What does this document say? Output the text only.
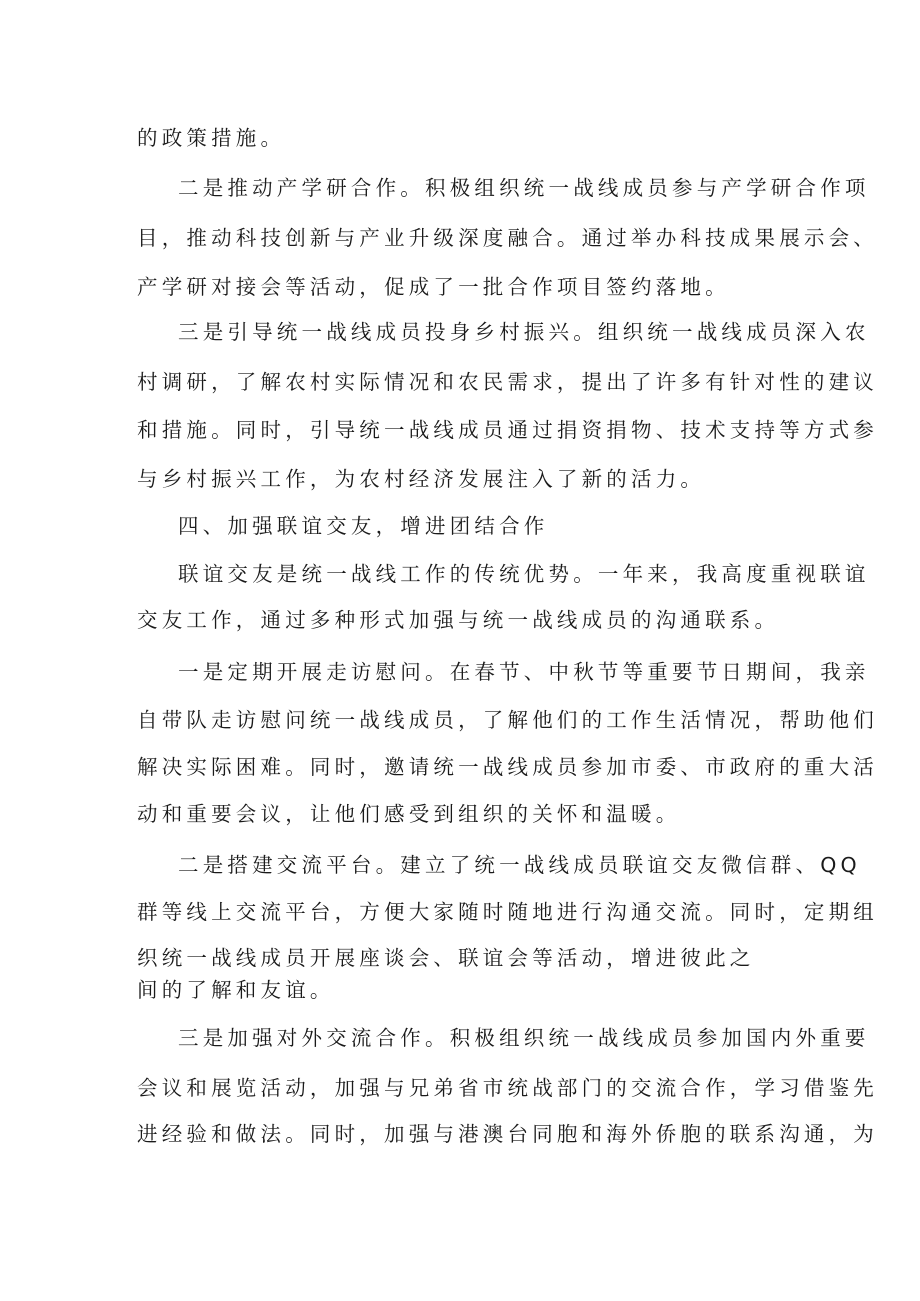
的政策措施。
二是推动产学研合作。积极组织统一战线成员参与产学研合作项
目，推动科技创新与产业升级深度融合。通过举办科技成果展示会、
产学研对接会等活动，促成了一批合作项目签约落地。
三是引导统一战线成员投身乡村振兴。组织统一战线成员深入农
村调研，了解农村实际情况和农民需求，提出了许多有针对性的建议
和措施。同时，引导统一战线成员通过捐资捐物、技术支持等方式参
与乡村振兴工作，为农村经济发展注入了新的活力。
四、加强联谊交友，增进团结合作
联谊交友是统一战线工作的传统优势。一年来，我高度重视联谊
交友工作，通过多种形式加强与统一战线成员的沟通联系。
一是定期开展走访慰问。在春节、中秋节等重要节日期间，我亲
自带队走访慰问统一战线成员，了解他们的工作生活情况，帮助他们
解决实际困难。同时，邀请统一战线成员参加市委、市政府的重大活
动和重要会议，让他们感受到组织的关怀和温暖。
二是搭建交流平台。建立了统一战线成员联谊交友微信群、QQ
群等线上交流平台，方便大家随时随地进行沟通交流。同时，定期组
织统一战线成员开展座谈会、联谊会等活动，增进彼此之
间的了解和友谊。
三是加强对外交流合作。积极组织统一战线成员参加国内外重要
会议和展览活动，加强与兄弟省市统战部门的交流合作，学习借鉴先
进经验和做法。同时，加强与港澳台同胞和海外侨胞的联系沟通，为
